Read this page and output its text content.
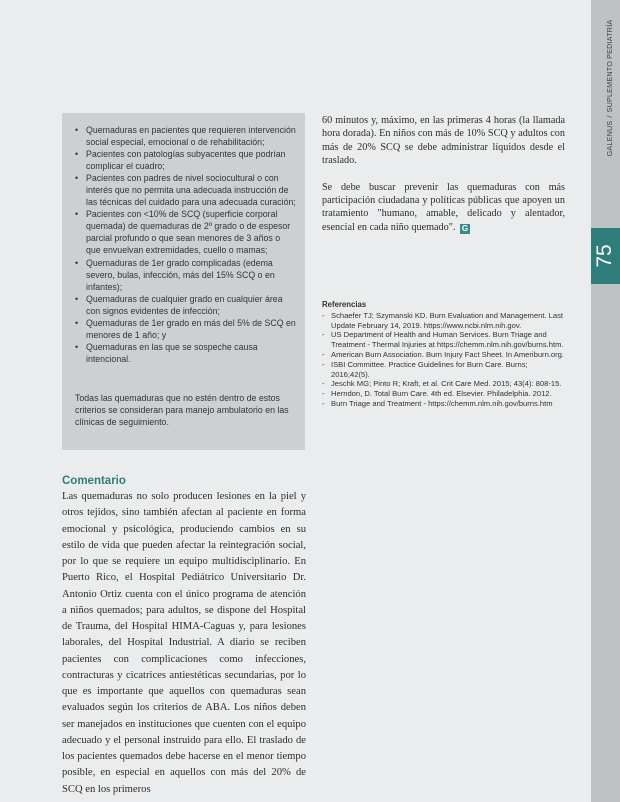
GALENUS/SUPLEMENTO PEDIATRÍA
75
• Quemaduras en pacientes que requieren intervención social especial, emocional o de rehabilitación;
• Pacientes con patologías subyacentes que podrían complicar el cuadro;
• Pacientes con padres de nivel sociocultural o con interés que no permita una adecuada instrucción de las técnicas del cuidado para una adecuada curación;
• Pacientes con <10% de SCQ (superficie corporal quemada) de quemaduras de 2º grado o de espesor parcial profundo o que sean menores de 3 años o que envuelvan extremidades, cuello o mamas;
• Quemaduras de 1er grado complicadas (edema severo, bulas, infección, más del 15% SCQ o en infantes);
• Quemaduras de cualquier grado en cualquier área con signos evidentes de infección;
• Quemaduras de 1er grado en más del 5% de SCQ en menores de 1 año; y
• Quemaduras en las que se sospeche causa intencional.

Todas las quemaduras que no estén dentro de estos criterios se consideran para manejo ambulatorio en las clínicas de seguimiento.

60 minutos y, máximo, en las primeras 4 horas (la llamada hora dorada). En niños con más de 10% SCQ y adultos con más de 20% SCQ se debe administrar líquidos desde el traslado.

Se debe buscar prevenir las quemaduras con más participación ciudadana y políticas públicas que apoyen un tratamiento "humano, amable, delicado y alentador, esencial en cada niño quemado". G

Referencias
- Schaefer TJ; Szymanski KD. Burn Evaluation and Management. Last Update February 14, 2019. https://www.ncbi.nlm.nih.gov.
- US Department of Health and Human Services. Burn Triage and Treatment - Thermal Injuries at https://chemm.nlm.nih.gov/burns.htm.
- American Burn Association. Burn Injury Fact Sheet. In Ameriburn.org.
- ISBI Committee. Practice Guidelines for Burn Care. Burns; 2016;42(5).
- Jeschk MG; Pinto R; Kraft, et al. Crit Care Med. 2015; 43(4): 808-15.
- Herndon, D. Total Burn Care. 4th ed. Elsevier. Philadelphia. 2012.
- Burn Triage and Treatment - https://chemm.nlm.nih.gov/burns.htm
Comentario

Las quemaduras no solo producen lesiones en la piel y otros tejidos, sino también afectan al paciente en forma emocional y psicológica, produciendo cambios en su estilo de vida que pueden afectar la reintegración social, por lo que se requiere un equipo multidisciplinario. En Puerto Rico, el Hospital Pediátrico Universitario Dr. Antonio Ortiz cuenta con el único programa de atención a niños quemados; para adultos, se dispone del Hospital de Trauma, del Hospital HIMA-Caguas y, para lesiones laborales, del Hospital Industrial. A diario se reciben pacientes con complicaciones como infecciones, contracturas y cicatrices antiestéticas secundarias, por lo que es importante que aquellos con quemaduras sean evaluados según los criterios de ABA. Los niños deben ser manejados en instituciones que cuenten con el equipo adecuado y el personal instruido para ello. El traslado de los pacientes quemados debe hacerse en el menor tiempo posible, en especial en aquellos con más del 20% de SCQ en los primeros
